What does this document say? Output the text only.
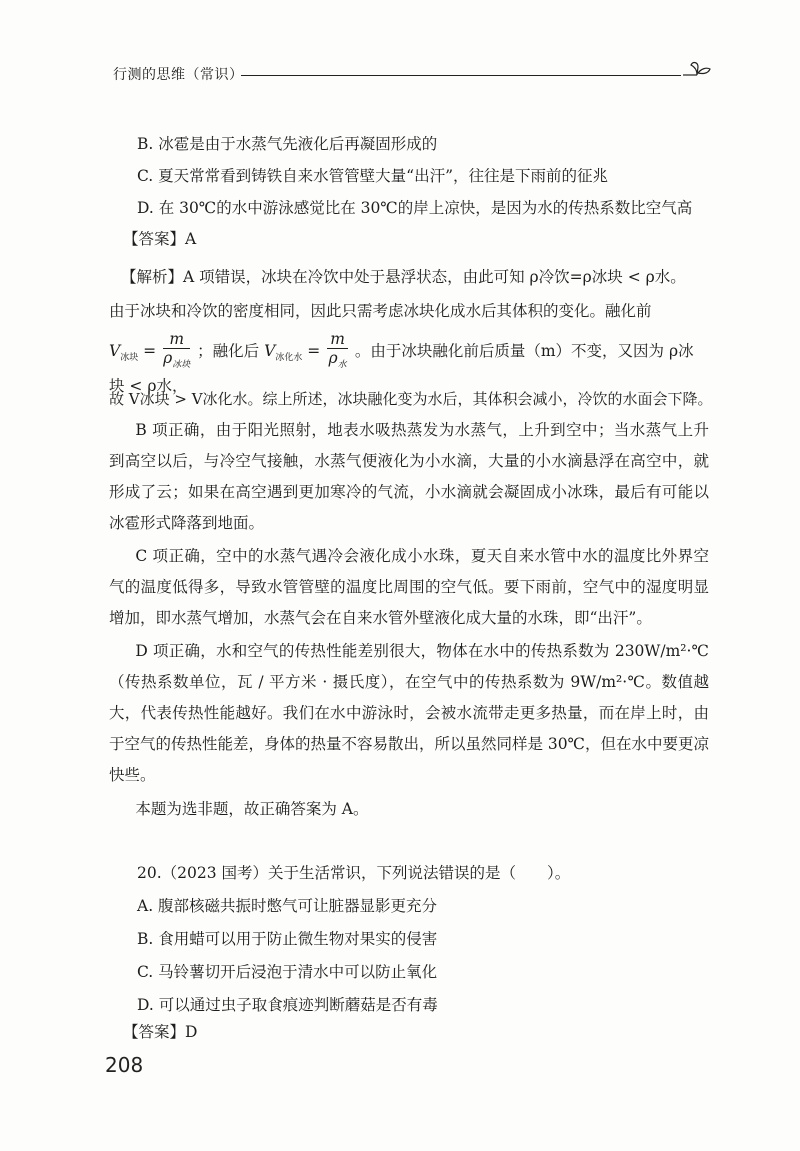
行测的思维（常识）

B. 冰雹是由于水蒸气先液化后再凝固形成的

C. 夏天常常看到铸铁自来水管管壁大量“出汗”，往往是下雨前的征兆

D. 在 30℃的水中游泳感觉比在 30℃的岸上凉快，是因为水的传热系数比空气高

【答案】A

【解析】A 项错误，冰块在冷饮中处于悬浮状态，由此可知 ρ冷饮=ρ冰块 < ρ水。

由于冰块和冷饮的密度相同，因此只需考虑冰块化成水后其体积的变化。融化前

$V_{冰块} = \frac{m}{\rho_{冰块}}$ ；融化后 $V_{冰化水} = \frac{m}{\rho_水}$ 。由于冰块融化前后质量（m）不变，又因为 ρ冰块 < ρ水，

故 V冰块 > V冰化水。综上所述，冰块融化变为水后，其体积会减小，冷饮的水面会下降。

B 项正确，由于阳光照射，地表水吸热蒸发为水蒸气，上升到空中；当水蒸气上升到高空以后，与冷空气接触，水蒸气便液化为小水滴，大量的小水滴悬浮在高空中，就形成了云；如果在高空遇到更加寒冷的气流，小水滴就会凝固成小冰珠，最后有可能以冰雹形式降落到地面。

C 项正确，空中的水蒸气遇冷会液化成小水珠，夏天自来水管中水的温度比外界空气的温度低得多，导致水管管壁的温度比周围的空气低。要下雨前，空气中的湿度明显增加，即水蒸气增加，水蒸气会在自来水管外壁液化成大量的水珠，即“出汗”。

D 项正确，水和空气的传热性能差别很大，物体在水中的传热系数为 230W/m²·℃（传热系数单位，瓦 / 平方米 · 摄氏度），在空气中的传热系数为 9W/m²·℃。数值越大，代表传热性能越好。我们在水中游泳时，会被水流带走更多热量，而在岸上时，由于空气的传热性能差，身体的热量不容易散出，所以虽然同样是 30℃，但在水中要更凉快些。

本题为选非题，故正确答案为 A。

20.（2023 国考）关于生活常识，下列说法错误的是（　　）。

A. 腹部核磁共振时憋气可让脏器显影更充分

B. 食用蜡可以用于防止微生物对果实的侵害

C. 马铃薯切开后浸泡于清水中可以防止氧化

D. 可以通过虫子取食痕迹判断蘑菇是否有毒

【答案】D

208
